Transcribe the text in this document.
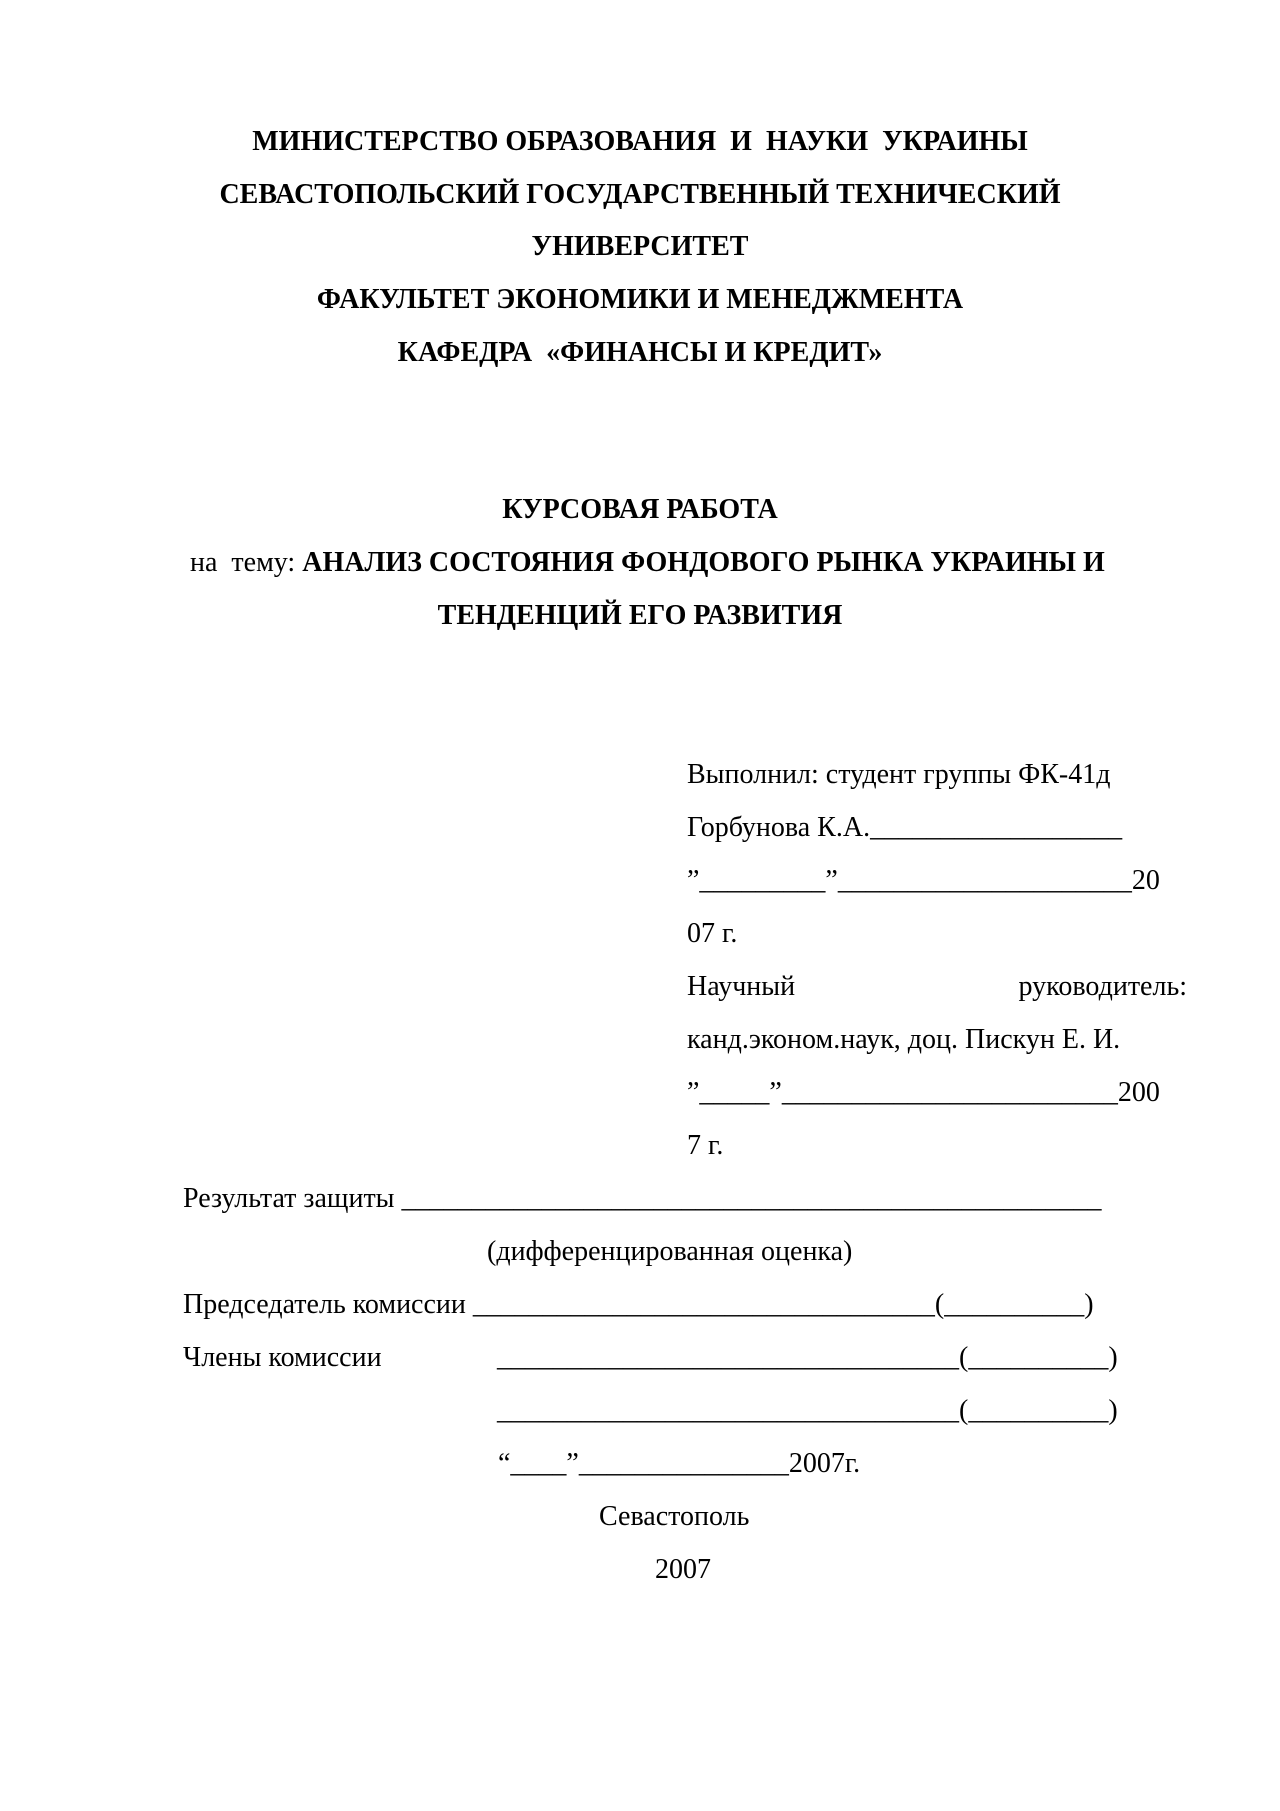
МИНИСТЕРСТВО ОБРАЗОВАНИЯ  И  НАУКИ  УКРАИНЫ
СЕВАСТОПОЛЬСКИЙ ГОСУДАРСТВЕННЫЙ ТЕХНИЧЕСКИЙ
УНИВЕРСИТЕТ
ФАКУЛЬТЕТ ЭКОНОМИКИ И МЕНЕДЖМЕНТА
КАФЕДРА  «ФИНАНСЫ И КРЕДИТ»
КУРСОВАЯ РАБОТА
на  тему: АНАЛИЗ СОСТОЯНИЯ ФОНДОВОГО РЫНКА УКРАИНЫ И
ТЕНДЕНЦИЙ ЕГО РАЗВИТИЯ
Выполнил: студент группы ФК-41д
Горбунова К.А.__________________
”_________”_____________________20
07 г.
Научный	руководитель:
канд.эконом.наук, доц. Пискун Е. И.
”_____”________________________200
7 г.
Результат защиты __________________________________________________
(дифференцированная оценка)
Председатель комиссии _________________________________(__________)
Члены комиссии	_________________________________(__________)
_________________________________(__________)
“____”_______________2007г.
Севастополь
2007
